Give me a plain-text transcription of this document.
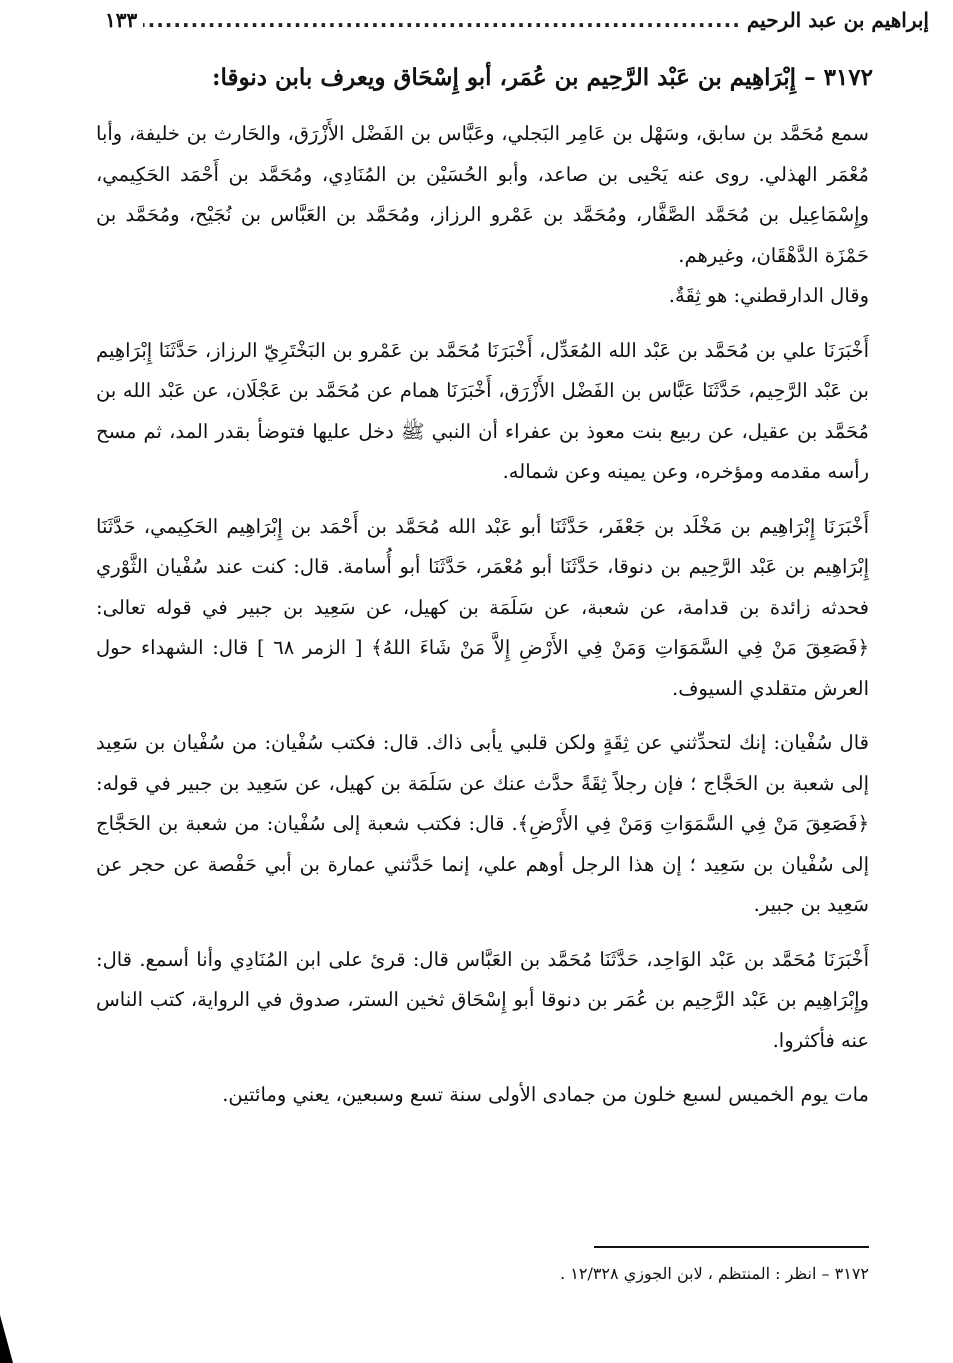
إبراهيم بن عبد الرحيم
.....
١٣٣
٣١٧٢ – إِبْرَاهِيم بن عَبْد الرَّحِيم بن عُمَر، أبو إِسْحَاق ويعرف بابن دنوقا:

سمع مُحَمَّد بن سابق، وسَهْل بن عَامِر البَجلي، وعَبَّاس بن الفَضْل الأَزْرَق، والحَارث بن خليفة، وأبا مُعْمَر الهذلي. روى عنه يَحْيى بن صاعد، وأبو الحُسَيْن بن المُنَادِي، ومُحَمَّد بن أَحْمَد الحَكِيمي، وإِسْمَاعِيل بن مُحَمَّد الصَّفَّار، ومُحَمَّد بن عَمْرو الرزاز، ومُحَمَّد بن العَبَّاس بن نُجَيْح، ومُحَمَّد بن حَمْزَة الدَّهْقَان، وغيرهم.

وقال الدارقطني: هو ثِقَةٌ.

أَخْبَرَنَا علي بن مُحَمَّد بن عَبْد الله المُعَدِّل، أَخْبَرَنَا مُحَمَّد بن عَمْرو بن البَخْتَرِيّ الرزاز، حَدَّثَنَا إِبْرَاهِيم بن عَبْد الرَّحِيم، حَدَّثَنَا عَبَّاس بن الفَضْل الأَزْرَق، أَخْبَرَنَا همام عن مُحَمَّد بن عَجْلَان، عن عَبْد الله بن مُحَمَّد بن عقيل، عن ربيع بنت معوذ بن عفراء أن النبي ﷺ دخل عليها فتوضأ بقدر المد، ثم مسح رأسه مقدمه ومؤخره، وعن يمينه وعن شماله.

أَخْبَرَنَا إِبْرَاهِيم بن مَخْلَد بن جَعْفَر، حَدَّثَنَا أبو عَبْد الله مُحَمَّد بن أَحْمَد بن إِبْرَاهِيم الحَكِيمي، حَدَّثَنَا إِبْرَاهِيم بن عَبْد الرَّحِيم بن دنوقا، حَدَّثَنَا أبو مُعْمَر، حَدَّثَنَا أبو أُسامة. قال: كنت عند سُفْيان الثَّوْري فحدثه زائدة بن قدامة، عن شعبة، عن سَلَمَة بن كهيل، عن سَعِيد بن جبير في قوله تعالى: ﴿فَصَعِقَ مَنْ فِي السَّمَوَاتِ وَمَنْ فِي الأَرْضِ إِلاَّ مَنْ شَاءَ اللهُ﴾ [ الزمر ٦٨ ] قال: الشهداء حول العرش متقلدي السيوف.

قال سُفْيان: إنك لتحدِّثني عن ثِقَةٍ ولكن قلبي يأبى ذاك. قال: فكتب سُفْيان: من سُفْيان بن سَعِيد إلى شعبة بن الحَجَّاج ؛ فإن رجلاً ثِقَةً حدَّث عنك عن سَلَمَة بن كهيل، عن سَعِيد بن جبير في قوله: ﴿فَصَعِقَ مَنْ فِي السَّمَوَاتِ وَمَنْ فِي الأَرْضِ﴾. قال: فكتب شعبة إلى سُفْيان: من شعبة بن الحَجَّاج إلى سُفْيان بن سَعِيد ؛ إن هذا الرجل أوهم علي، إنما حَدَّثني عمارة بن أبي حَفْصة عن حجر عن سَعِيد بن جبير.

أَخْبَرَنَا مُحَمَّد بن عَبْد الوَاحِد، حَدَّثَنَا مُحَمَّد بن العَبَّاس قال: قرئ على ابن المُنَادِي وأنا أسمع. قال: وإِبْرَاهِيم بن عَبْد الرَّحِيم بن عُمَر بن دنوقا أبو إِسْحَاق ثخين الستر، صدوق في الرواية، كتب الناس عنه فأكثروا.

مات يوم الخميس لسبع خلون من جمادى الأولى سنة تسع وسبعين، يعني ومائتين.

٣١٧٢ – انظر : المنتظم ، لابن الجوزي ١٢/٣٢٨ .
